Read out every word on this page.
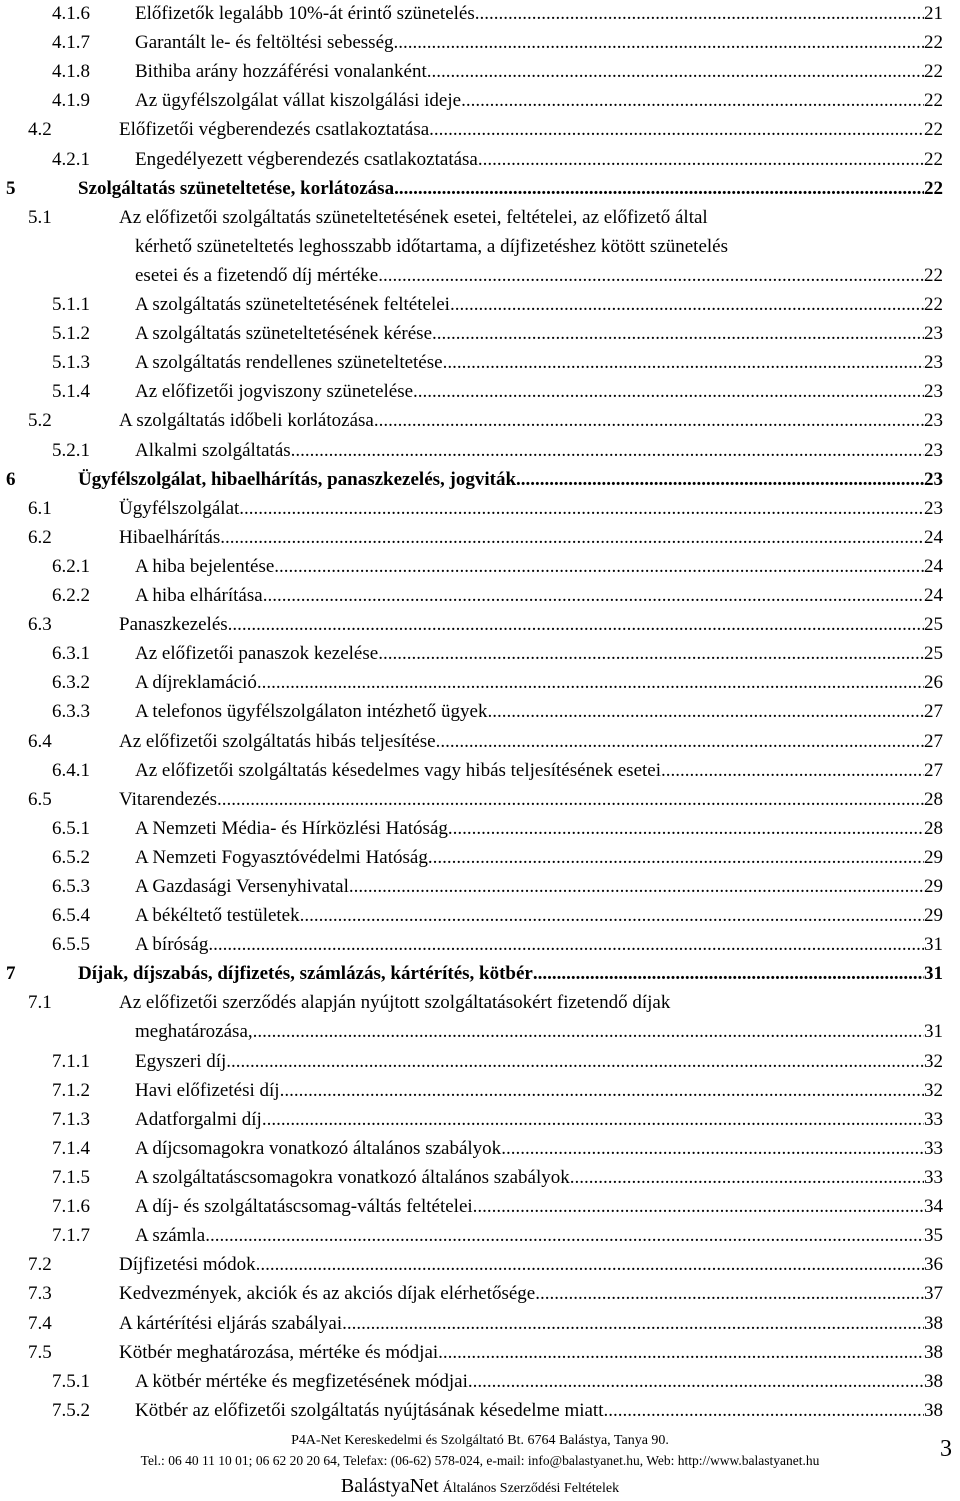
4.1.6 Előfizetők legalább 10%-át érintő szünetelés .....	21
4.1.7 Garantált le- és feltöltési sebesség .....	22
4.1.8 Bithiba arány hozzáférési vonalanként .....	22
4.1.9 Az ügyfélszolgálat vállat kiszolgálási ideje .....	22
4.2	Előfizetői végberendezés csatlakoztatása .....	22
4.2.1 Engedélyezett végberendezés csatlakoztatása .....	22
5	Szolgáltatás szüneteltetése, korlátozása .....	22
5.1	Az előfizetői szolgáltatás szüneteltetésének esetei, feltételei, az előfizető által
kérhető szüneteltetés leghosszabb időtartama, a díjfizetéshez kötött szünetelés
esetei és a fizetendő díj mértéke .....	22
5.1.1 A szolgáltatás szüneteltetésének feltételei .....	22
5.1.2 A szolgáltatás szüneteltetésének kérése .....	23
5.1.3 A szolgáltatás rendellenes szüneteltetése .....	23
5.1.4 Az előfizetői jogviszony szünetelése .....	23
5.2	A szolgáltatás időbeli korlátozása .....	23
5.2.1 Alkalmi szolgáltatás .....	23
6	Ügyfélszolgálat, hibaelhárítás, panaszkezelés, jogviták .....	23
6.1	Ügyfélszolgálat .....	23
6.2	Hibaelhárítás .....	24
6.2.1 A hiba bejelentése .....	24
6.2.2 A hiba elhárítása .....	24
6.3	Panaszkezelés .....	25
6.3.1 Az előfizetői panaszok kezelése .....	25
6.3.2 A díjreklamáció .....	26
6.3.3 A telefonos ügyfélszolgálaton intézhető ügyek .....	27
6.4	Az előfizetői szolgáltatás hibás teljesítése .....	27
6.4.1 Az előfizetői szolgáltatás késedelmes vagy hibás teljesítésének esetei .....	27
6.5	Vitarendezés .....	28
6.5.1 A Nemzeti Média- és Hírközlési Hatóság .....	28
6.5.2 A Nemzeti Fogyasztóvédelmi Hatóság .....	29
6.5.3 A Gazdasági Versenyhivatal .....	29
6.5.4 A békéltető testületek .....	29
6.5.5 A bíróság .....	31
7	Díjak, díjszabás, díjfizetés, számlázás, kártérítés, kötbér .....	31
7.1	Az előfizetői szerződés alapján nyújtott szolgáltatásokért fizetendő díjak
meghatározása, .....	31
7.1.1 Egyszeri díj .....	32
7.1.2 Havi előfizetési díj .....	32
7.1.3 Adatforgalmi díj .....	33
7.1.4 A díjcsomagokra vonatkozó általános szabályok .....	33
7.1.5 A szolgáltatáscsomagokra vonatkozó általános szabályok .....	33
7.1.6 A díj- és szolgáltatáscsomag-váltás feltételei .....	34
7.1.7 A számla .....	35
7.2	Díjfizetési módok .....	36
7.3	Kedvezmények, akciók és az akciós díjak elérhetősége .....	37
7.4	A kártérítési eljárás szabályai .....	38
7.5	Kötbér meghatározása, mértéke és módjai .....	38
7.5.1 A kötbér mértéke és megfizetésének módjai .....	38
7.5.2 Kötbér az előfizetői szolgáltatás nyújtásának késedelme miatt .....	38
P4A-Net Kereskedelmi és Szolgáltató Bt. 6764 Balástya, Tanya 90.
Tel.: 06 40 11 10 01; 06 62 20 20 64, Telefax: (06-62) 578-024, e-mail: info@balastyanet.hu, Web: http://www.balastyanet.hu
BalástyaNet Általános Szerződési Feltételek
3
